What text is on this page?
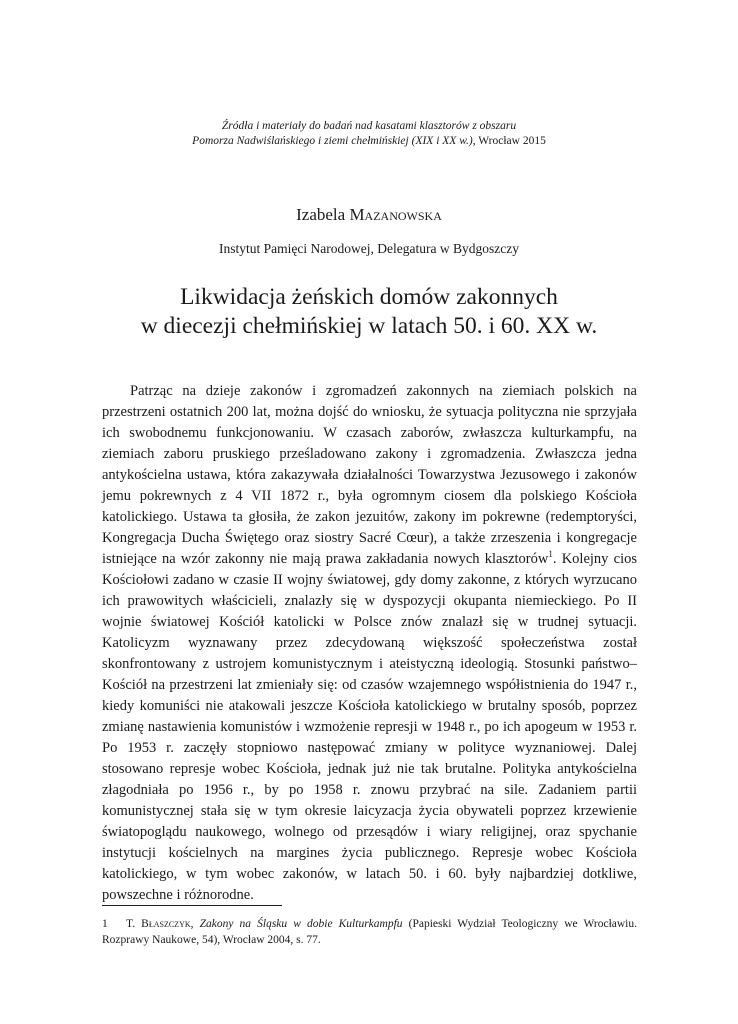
Źródła i materiały do badań nad kasatami klasztorów z obszaru
Pomorza Nadwiślańskiego i ziemi chełmińskiej (XIX i XX w.), Wrocław 2015
Izabela Mazanowska
Instytut Pamięci Narodowej, Delegatura w Bydgoszczy
Likwidacja żeńskich domów zakonnych
w diecezji chełmińskiej w latach 50. i 60. XX w.

Patrząc na dzieje zakonów i zgromadzeń zakonnych na ziemiach polskich na przestrzeni ostatnich 200 lat, można dojść do wniosku, że sytuacja polityczna nie sprzyjała ich swobodnemu funkcjonowaniu. W czasach zaborów, zwłaszcza kulturkampfu, na ziemiach zaboru pruskiego prześladowano zakony i zgromadzenia. Zwłaszcza jedna antykościelna ustawa, która zakazywała działalności Towarzystwa Jezusowego i zakonów jemu pokrewnych z 4 VII 1872 r., była ogromnym ciosem dla polskiego Kościoła katolickiego. Ustawa ta głosiła, że zakon jezuitów, zakony im pokrewne (redemptoryści, Kongregacja Ducha Świętego oraz siostry Sacré Cœur), a także zrzeszenia i kongregacje istniejące na wzór zakonny nie mają prawa zakładania nowych klasztorów$^1$. Kolejny cios Kościołowi zadano w czasie II wojny światowej, gdy domy zakonne, z których wyrzucano ich prawowitych właścicieli, znalazły się w dyspozycji okupanta niemieckiego. Po II wojnie światowej Kościół katolicki w Polsce znów znalazł się w trudnej sytuacji. Katolicyzm wyznawany przez zdecydowaną większość społeczeństwa został skonfrontowany z ustrojem komunistycznym i ateistyczną ideologią. Stosunki państwo–Kościół na przestrzeni lat zmieniały się: od czasów wzajemnego współistnienia do 1947 r., kiedy komuniści nie atakowali jeszcze Kościoła katolickiego w brutalny sposób, poprzez zmianę nastawienia komunistów i wzmożenie represji w 1948 r., po ich apogeum w 1953 r. Po 1953 r. zaczęły stopniowo następować zmiany w polityce wyznaniowej. Dalej stosowano represje wobec Kościoła, jednak już nie tak brutalne. Polityka antykościelna złagodniała po 1956 r., by po 1958 r. znowu przybrać na sile. Zadaniem partii komunistycznej stała się w tym okresie laicyzacja życia obywateli poprzez krzewienie światopoglądu naukowego, wolnego od przesądów i wiary religijnej, oraz spychanie instytucji kościelnych na margines życia publicznego. Represje wobec Kościoła katolickiego, w tym wobec zakonów, w latach 50. i 60. były najbardziej dotkliwe, powszechne i różnorodne.

1 T. Błaszczyk, Zakony na Śląsku w dobie Kulturkampfu (Papieski Wydział Teologiczny we Wrocławiu. Rozprawy Naukowe, 54), Wrocław 2004, s. 77.
